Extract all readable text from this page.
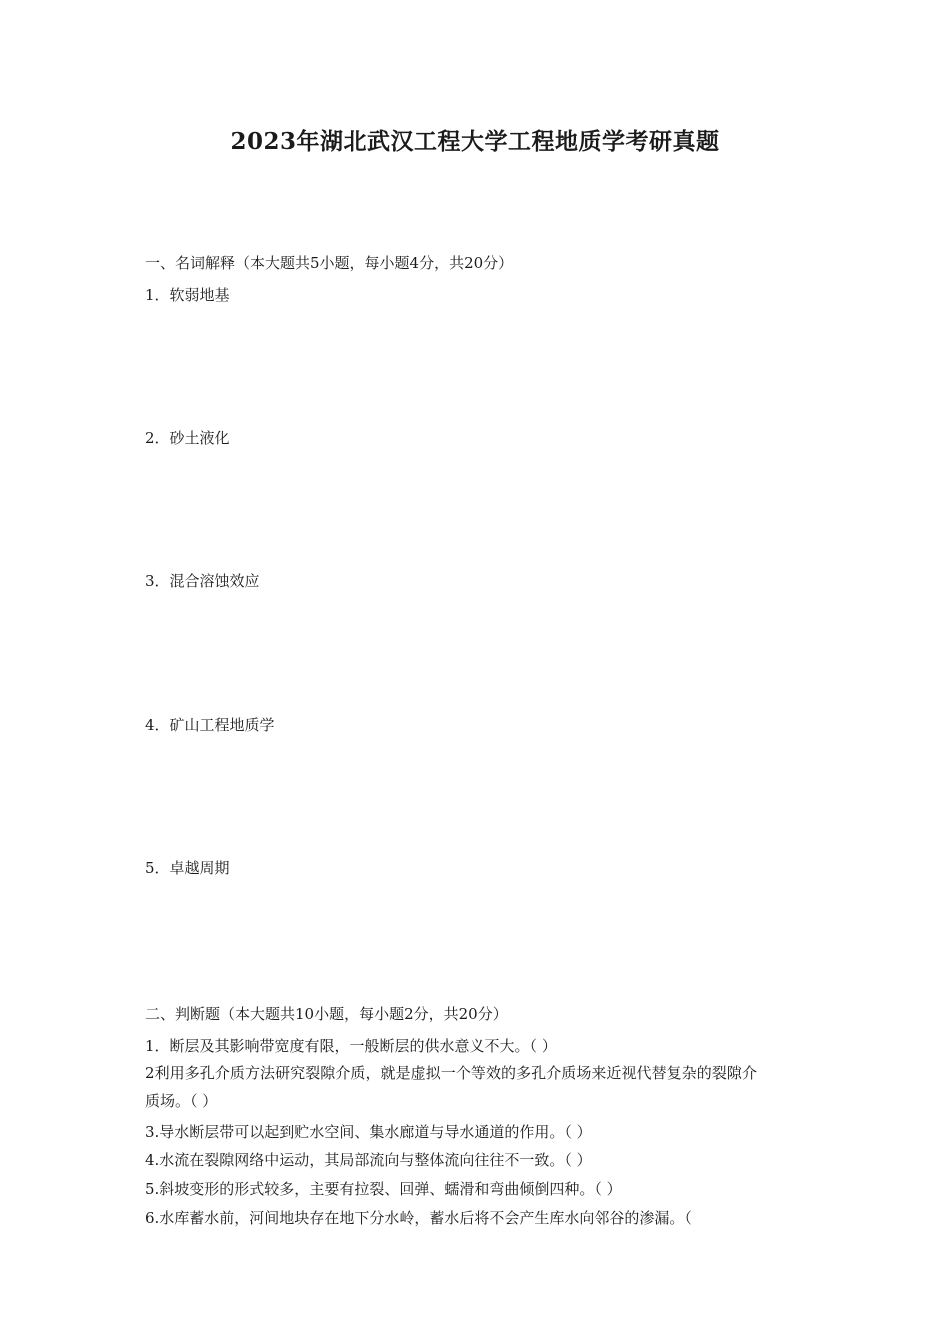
2023年湖北武汉工程大学工程地质学考研真题
一、名词解释（本大题共5小题，每小题4分，共20分）
1．软弱地基
2．砂土液化
3．混合溶蚀效应
4．矿山工程地质学
5．卓越周期
二、判断题（本大题共10小题，每小题2分，共20分）
1．断层及其影响带宽度有限，一般断层的供水意义不大。（ ）
2利用多孔介质方法研究裂隙介质，就是虚拟一个等效的多孔介质场来近视代替复杂的裂隙介质场。（ ）
3.导水断层带可以起到贮水空间、集水廊道与导水通道的作用。（ ）
4.水流在裂隙网络中运动，其局部流向与整体流向往往不一致。（ ）
5.斜坡变形的形式较多，主要有拉裂、回弹、蠕滑和弯曲倾倒四种。（ ）
6.水库蓄水前，河间地块存在地下分水岭，蓄水后将不会产生库水向邻谷的渗漏。（
